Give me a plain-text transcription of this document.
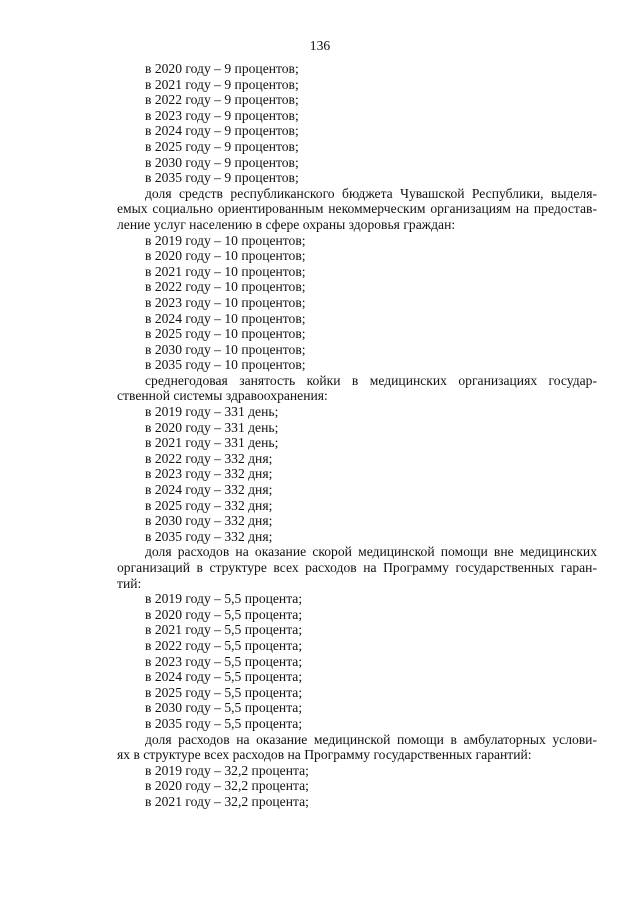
136
в 2020 году – 9 процентов;
в 2021 году – 9 процентов;
в 2022 году – 9 процентов;
в 2023 году – 9 процентов;
в 2024 году – 9 процентов;
в 2025 году – 9 процентов;
в 2030 году – 9 процентов;
в 2035 году – 9 процентов;
доля средств республиканского бюджета Чувашской Республики, выделя-
емых социально ориентированным некоммерческим организациям на предостав-
ление услуг населению в сфере охраны здоровья граждан:
в 2019 году – 10 процентов;
в 2020 году – 10 процентов;
в 2021 году – 10 процентов;
в 2022 году – 10 процентов;
в 2023 году – 10 процентов;
в 2024 году – 10 процентов;
в 2025 году – 10 процентов;
в 2030 году – 10 процентов;
в 2035 году – 10 процентов;
среднегодовая занятость койки в медицинских организациях государ-
ственной системы здравоохранения:
в 2019 году – 331 день;
в 2020 году – 331 день;
в 2021 году – 331 день;
в 2022 году – 332 дня;
в 2023 году – 332 дня;
в 2024 году – 332 дня;
в 2025 году – 332 дня;
в 2030 году – 332 дня;
в 2035 году – 332 дня;
доля расходов на оказание скорой медицинской помощи вне медицинских
организаций в структуре всех расходов на Программу государственных гаран-
тий:
в 2019 году – 5,5 процента;
в 2020 году – 5,5 процента;
в 2021 году – 5,5 процента;
в 2022 году – 5,5 процента;
в 2023 году – 5,5 процента;
в 2024 году – 5,5 процента;
в 2025 году – 5,5 процента;
в 2030 году – 5,5 процента;
в 2035 году – 5,5 процента;
доля расходов на оказание медицинской помощи в амбулаторных услови-
ях в структуре всех расходов на Программу государственных гарантий:
в 2019 году – 32,2 процента;
в 2020 году – 32,2 процента;
в 2021 году – 32,2 процента;
